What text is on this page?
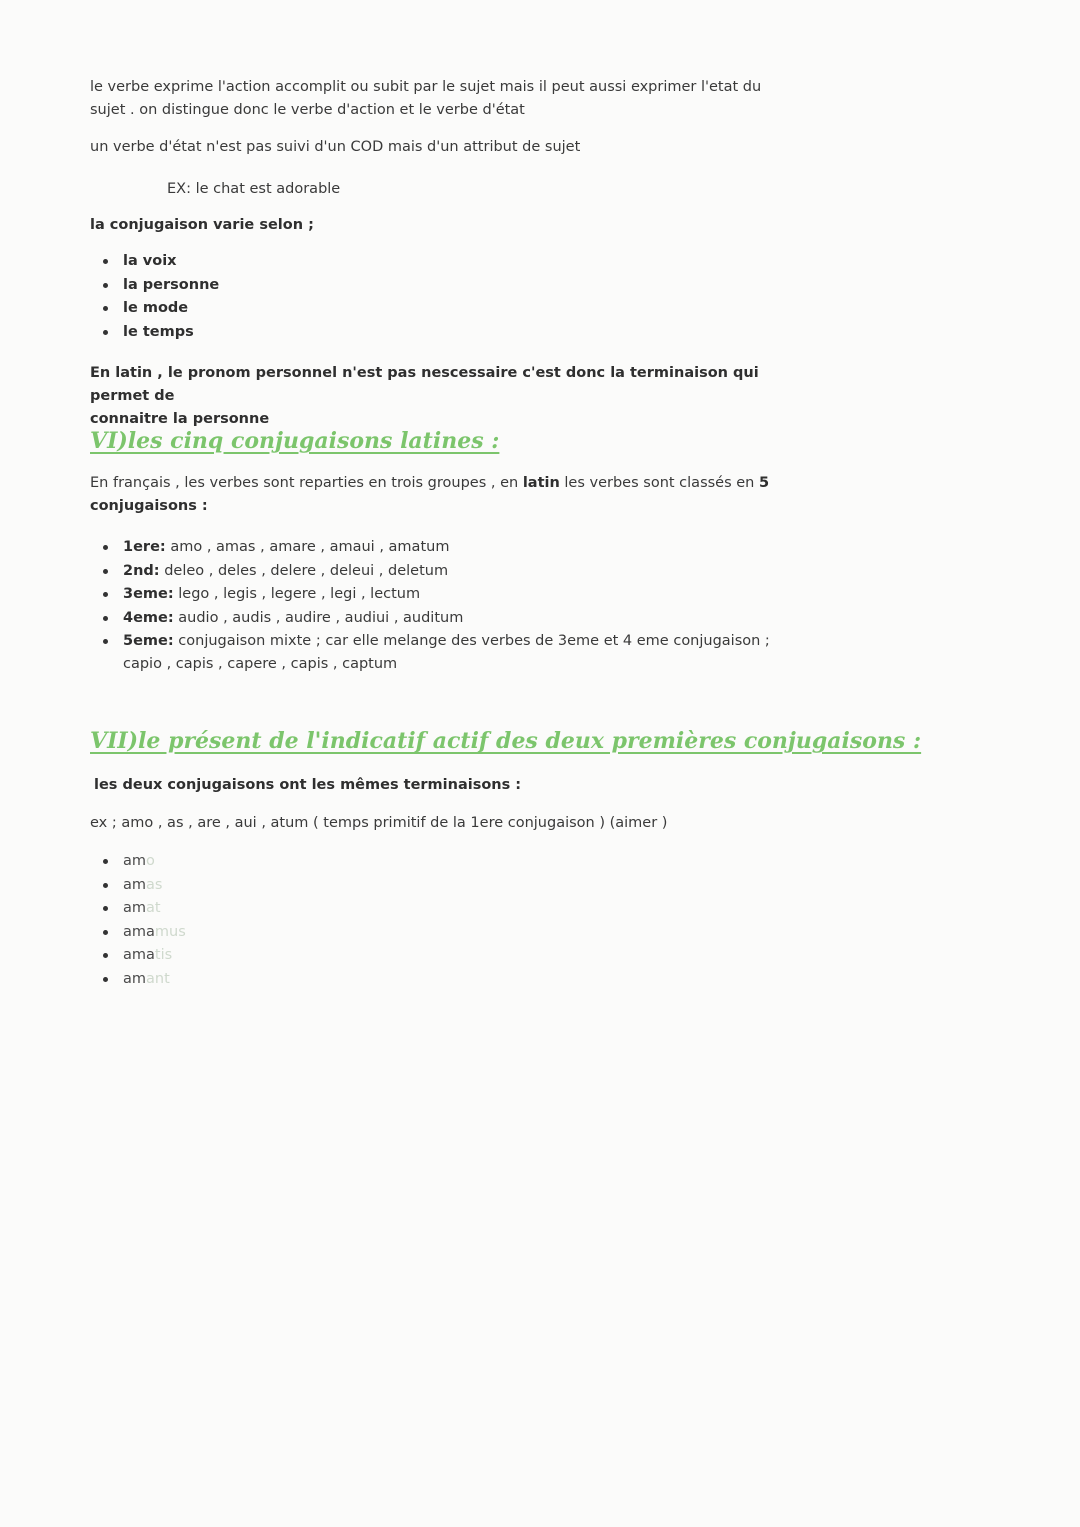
le verbe exprime l'action accomplit ou subit par le sujet mais il peut aussi exprimer l'etat du
sujet . on distingue donc le verbe d'action et le verbe d'état
un verbe d'état n'est pas suivi d'un COD mais d'un attribut de sujet
EX: le chat est adorable
la conjugaison varie selon ;
la voix
la personne
le mode
le temps
En latin , le pronom personnel n'est pas nescessaire c'est donc la terminaison qui permet de
connaitre la personne
VI)les cinq conjugaisons latines :
En français , les verbes sont reparties en trois groupes , en latin les verbes sont classés en 5
conjugaisons :
1ere: amo , amas , amare , amaui , amatum
2nd: deleo , deles , delere , deleui , deletum
3eme: lego , legis , legere , legi , lectum
4eme: audio , audis , audire , audiui , auditum
5eme: conjugaison mixte ; car elle melange des verbes de 3eme et 4 eme conjugaison ;
capio , capis , capere , capis , captum
VII)le présent de l'indicatif actif des deux premières conjugaisons :
les deux conjugaisons ont les mêmes terminaisons :
ex ; amo , as , are , aui , atum ( temps primitif de la 1ere conjugaison ) (aimer )
amo
amas
amat
amamus
amatis
amant
